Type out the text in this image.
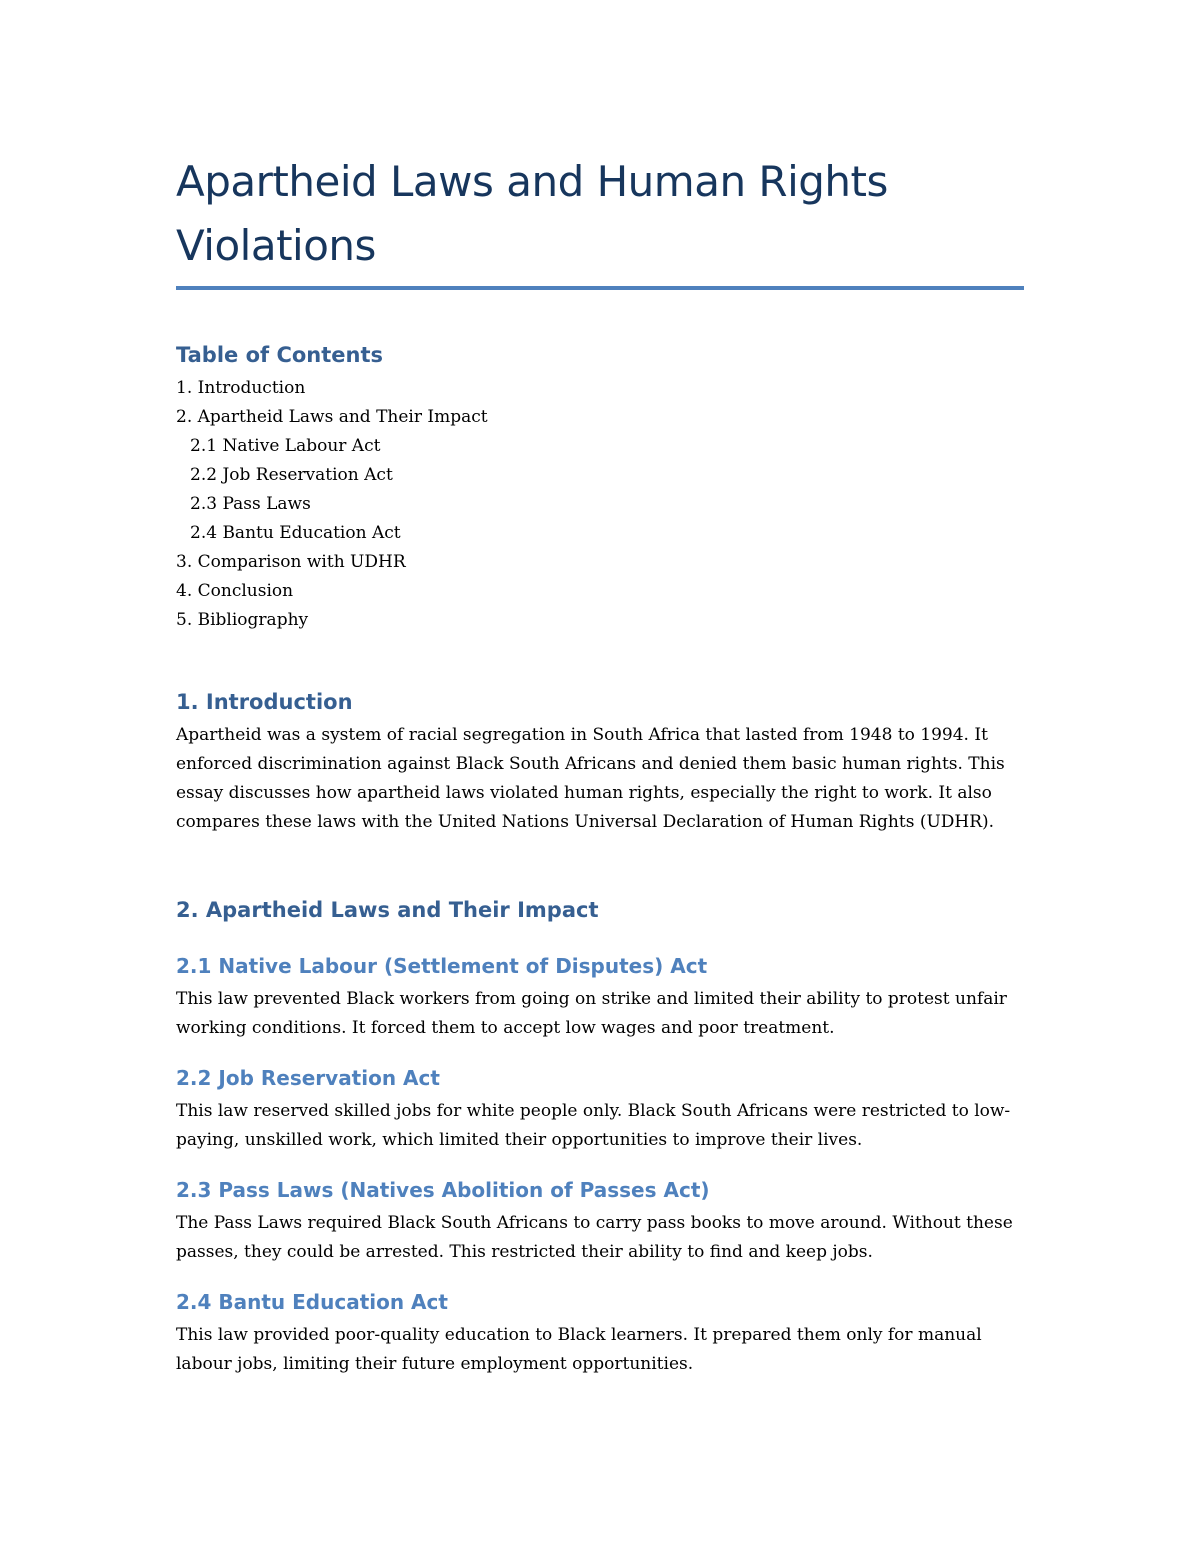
Apartheid Laws and Human Rights Violations
Table of Contents
1. Introduction
2. Apartheid Laws and Their Impact
2.1 Native Labour Act
2.2 Job Reservation Act
2.3 Pass Laws
2.4 Bantu Education Act
3. Comparison with UDHR
4. Conclusion
5. Bibliography
1. Introduction

Apartheid was a system of racial segregation in South Africa that lasted from 1948 to 1994. It enforced discrimination against Black South Africans and denied them basic human rights. This essay discusses how apartheid laws violated human rights, especially the right to work. It also compares these laws with the United Nations Universal Declaration of Human Rights (UDHR).

2. Apartheid Laws and Their Impact
2.1 Native Labour (Settlement of Disputes) Act

This law prevented Black workers from going on strike and limited their ability to protest unfair working conditions. It forced them to accept low wages and poor treatment.

2.2 Job Reservation Act

This law reserved skilled jobs for white people only. Black South Africans were restricted to low-paying, unskilled work, which limited their opportunities to improve their lives.

2.3 Pass Laws (Natives Abolition of Passes Act)

The Pass Laws required Black South Africans to carry pass books to move around. Without these passes, they could be arrested. This restricted their ability to find and keep jobs.

2.4 Bantu Education Act

This law provided poor-quality education to Black learners. It prepared them only for manual labour jobs, limiting their future employment opportunities.
